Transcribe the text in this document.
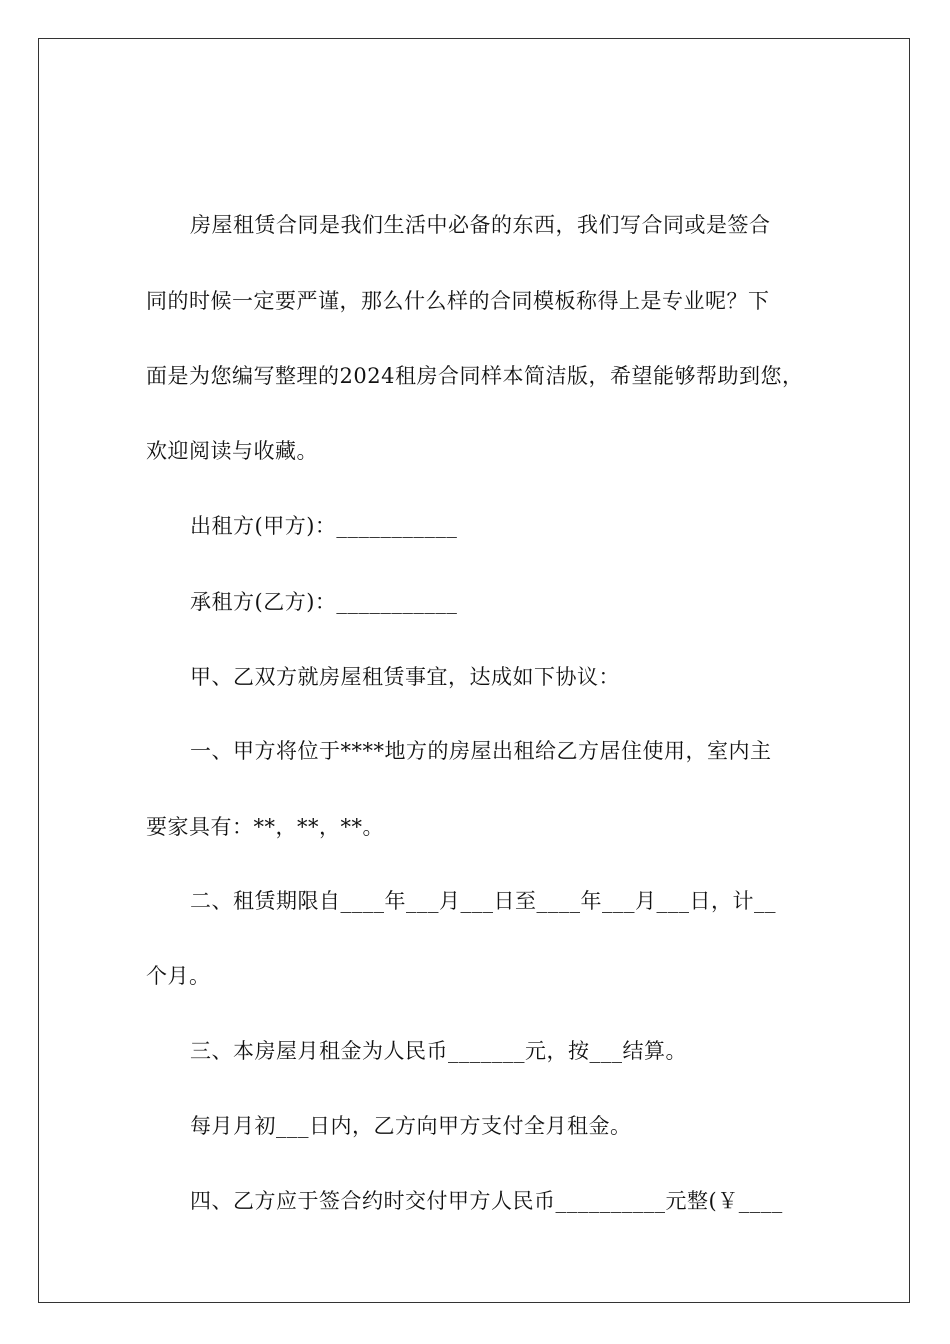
房屋租赁合同是我们生活中必备的东西，我们写合同或是签合
同的时候一定要严谨，那么什么样的合同模板称得上是专业呢？下
面是为您编写整理的2024租房合同样本简洁版，希望能够帮助到您，
欢迎阅读与收藏。
出租方(甲方)：___________
承租方(乙方)：___________
甲、乙双方就房屋租赁事宜，达成如下协议：
一、甲方将位于****地方的房屋出租给乙方居住使用，室内主
要家具有：**，**，**。
二、租赁期限自____年___月___日至____年___月___日，计__
个月。
三、本房屋月租金为人民币_______元，按___结算。
每月月初___日内，乙方向甲方支付全月租金。
四、乙方应于签合约时交付甲方人民币__________元整(￥____
